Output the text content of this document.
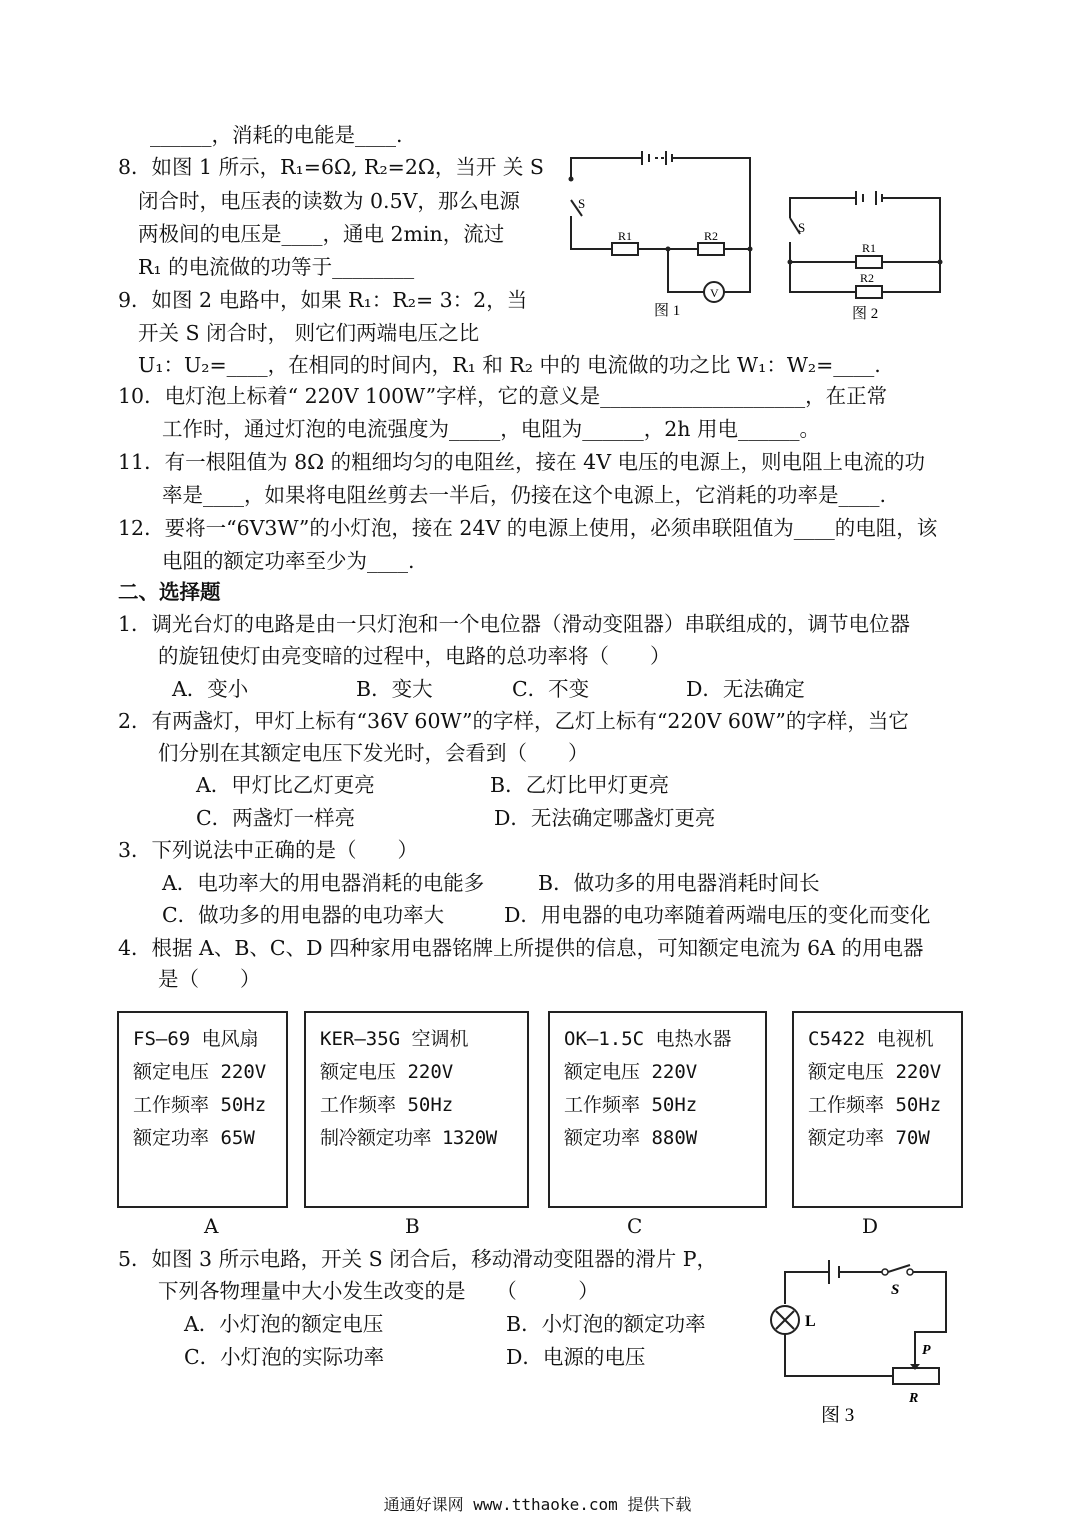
______，消耗的电能是____.
8．如图 1 所示，R₁=6Ω, R₂=2Ω，当开 关 S
闭合时，电压表的读数为 0.5V，那么电源
两极间的电压是____，通电 2min，流过
R₁ 的电流做的功等于________
9．如图 2 电路中，如果 R₁：R₂= 3：2，当
开关 S 闭合时， 则它们两端电压之比
U₁：U₂=____，在相同的时间内，R₁ 和 R₂ 中的 电流做的功之比 W₁：W₂=____.
10．电灯泡上标着“ 220V 100W”字样，它的意义是____________________，在正常
工作时，通过灯泡的电流强度为_____，电阻为______，2h 用电______。
11．有一根阻值为 8Ω 的粗细均匀的电阻丝，接在 4V 电压的电源上，则电阻上电流的功
率是____，如果将电阻丝剪去一半后，仍接在这个电源上，它消耗的功率是____.
12．要将一“6V3W”的小灯泡，接在 24V 的电源上使用，必须串联阻值为____的电阻，该
电阻的额定功率至少为____.
二、选择题
1．调光台灯的电路是由一只灯泡和一个电位器（滑动变阻器）串联组成的，调节电位器
的旋钮使灯由亮变暗的过程中，电路的总功率将（　　）
A．变小	B．变大	C．不变	D．无法确定
2．有两盏灯，甲灯上标有“36V 60W”的字样，乙灯上标有“220V 60W”的字样，当它
们分别在其额定电压下发光时，会看到（　　）
A．甲灯比乙灯更亮	B．乙灯比甲灯更亮
C．两盏灯一样亮	D．无法确定哪盏灯更亮
3．下列说法中正确的是（　　）
A．电功率大的用电器消耗的电能多	B．做功多的用电器消耗时间长
C．做功多的用电器的电功率大	D．用电器的电功率随着两端电压的变化而变化
4．根据 A、B、C、D 四种家用电器铭牌上所提供的信息，可知额定电流为 6A 的用电器
是（　　）
FS—69 电风扇
额定电压 220V
工作频率 50Hz
额定功率 65W
KER—35G 空调机
额定电压 220V
工作频率 50Hz
制冷额定功率 1320W
OK—1.5C 电热水器
额定电压 220V
工作频率 50Hz
额定功率 880W
C5422 电视机
额定电压 220V
工作频率 50Hz
额定功率 70W
A	B	C	D
5．如图 3 所示电路，开关 S 闭合后，移动滑动变阻器的滑片 P，
下列各物理量中大小发生改变的是　　（　　　）
A．小灯泡的额定电压	B．小灯泡的额定功率
C．小灯泡的实际功率	D．电源的电压
S
R1	R2
V
图 1
S
R1
R2
图 2
S
L
P
R
图 3
通通好课网 www.tthaoke.com 提供下载
